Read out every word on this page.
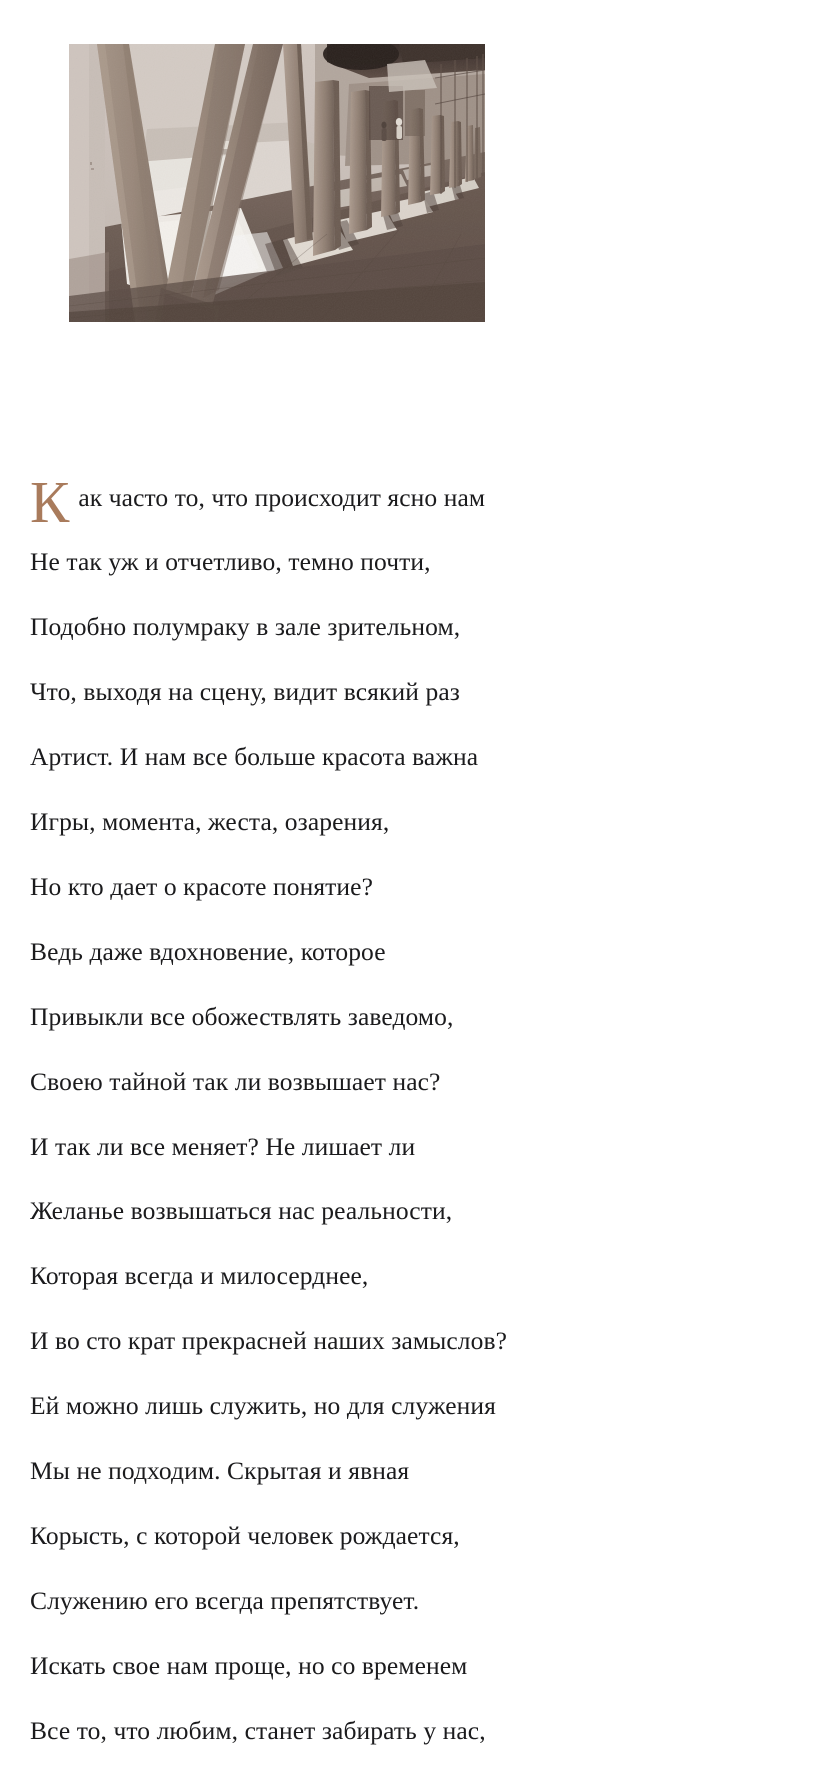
Как часто то, что происходит ясно нам

Не так уж и отчетливо, темно почти,

Подобно полумраку в зале зрительном,

Что, выходя на сцену, видит всякий раз

Артист. И нам все больше красота важна

Игры, момента, жеста, озарения,

Но кто дает о красоте понятие?

Ведь даже вдохновение, которое

Привыкли все обожествлять заведомо,

Своею тайной так ли возвышает нас?

И так ли все меняет? Не лишает ли

Желанье возвышаться нас реальности,

Которая всегда и милосерднее,

И во сто крат прекрасней наших замыслов?

Ей можно лишь служить, но для служения

Мы не подходим. Скрытая и явная

Корысть, с которой человек рождается,

Служению его всегда препятствует.

Искать свое нам проще, но со временем

Все то, что любим, станет забирать у нас,
